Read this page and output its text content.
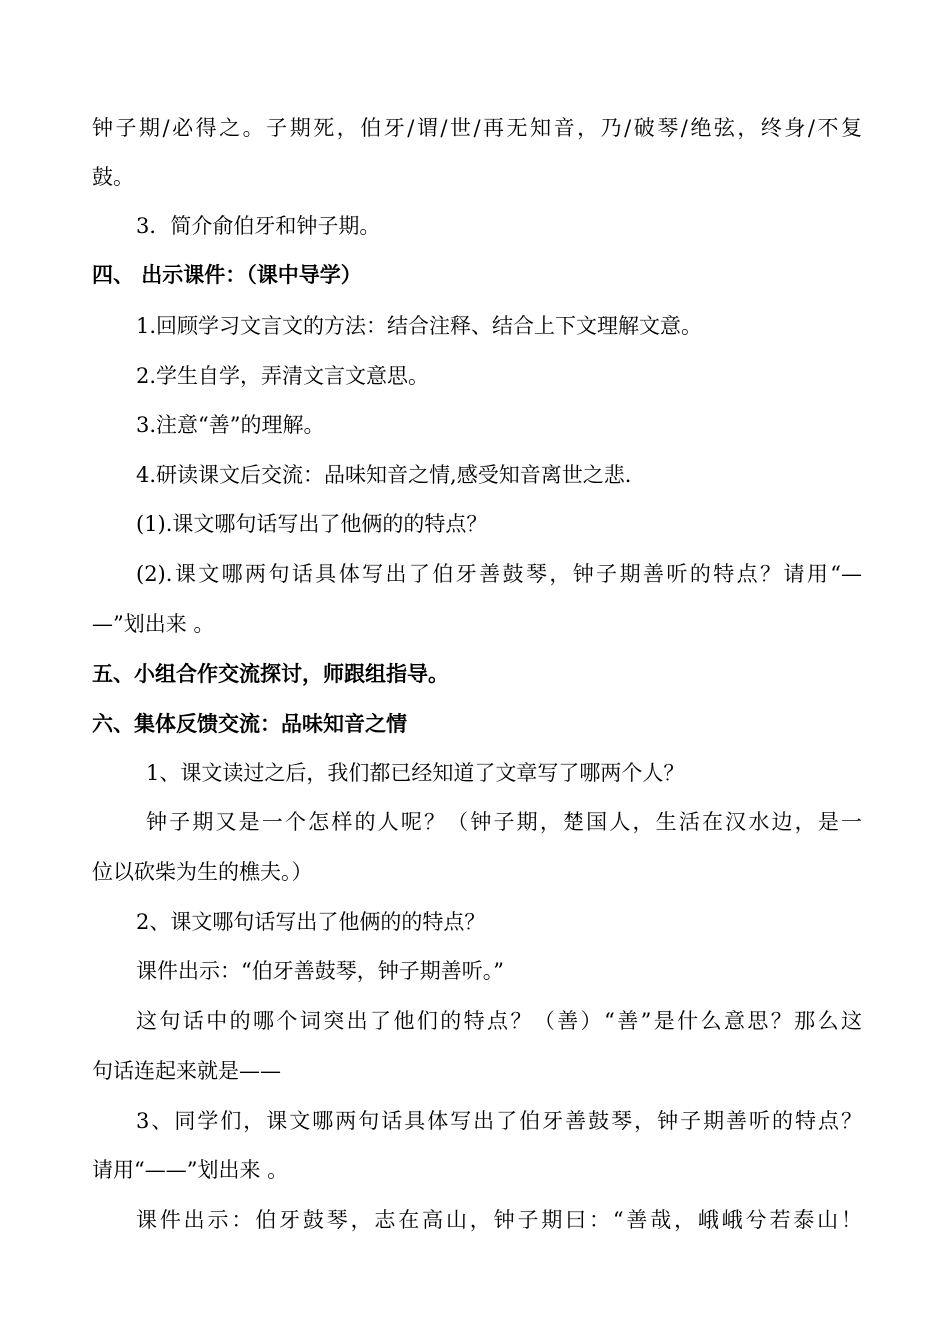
钟子期/必得之。子期死，伯牙/谓/世/再无知音，乃/破琴/绝弦，终身/不复
鼓。
3．简介俞伯牙和钟子期。
四、 出示课件：（课中导学）
1.回顾学习文言文的方法：结合注释、结合上下文理解文意。
2.学生自学，弄清文言文意思。
3.注意“善”的理解。
4.研读课文后交流：品味知音之情,感受知音离世之悲.
(1).课文哪句话写出了他俩的的特点？
(2).课文哪两句话具体写出了伯牙善鼓琴，钟子期善听的特点？请用“—
—”划出来 。
五、小组合作交流探讨，师跟组指导。
六、集体反馈交流：品味知音之情
1、课文读过之后，我们都已经知道了文章写了哪两个人？
钟子期又是一个怎样的人呢？（钟子期，楚国人，生活在汉水边，是一
位以砍柴为生的樵夫。）
2、课文哪句话写出了他俩的的特点？
课件出示：“伯牙善鼓琴，钟子期善听。”
这句话中的哪个词突出了他们的特点？（善）“善”是什么意思？那么这
句话连起来就是——
3、同学们，课文哪两句话具体写出了伯牙善鼓琴，钟子期善听的特点？
请用“——”划出来 。
课件出示：伯牙鼓琴，志在高山，钟子期曰：“善哉，峨峨兮若泰山！
